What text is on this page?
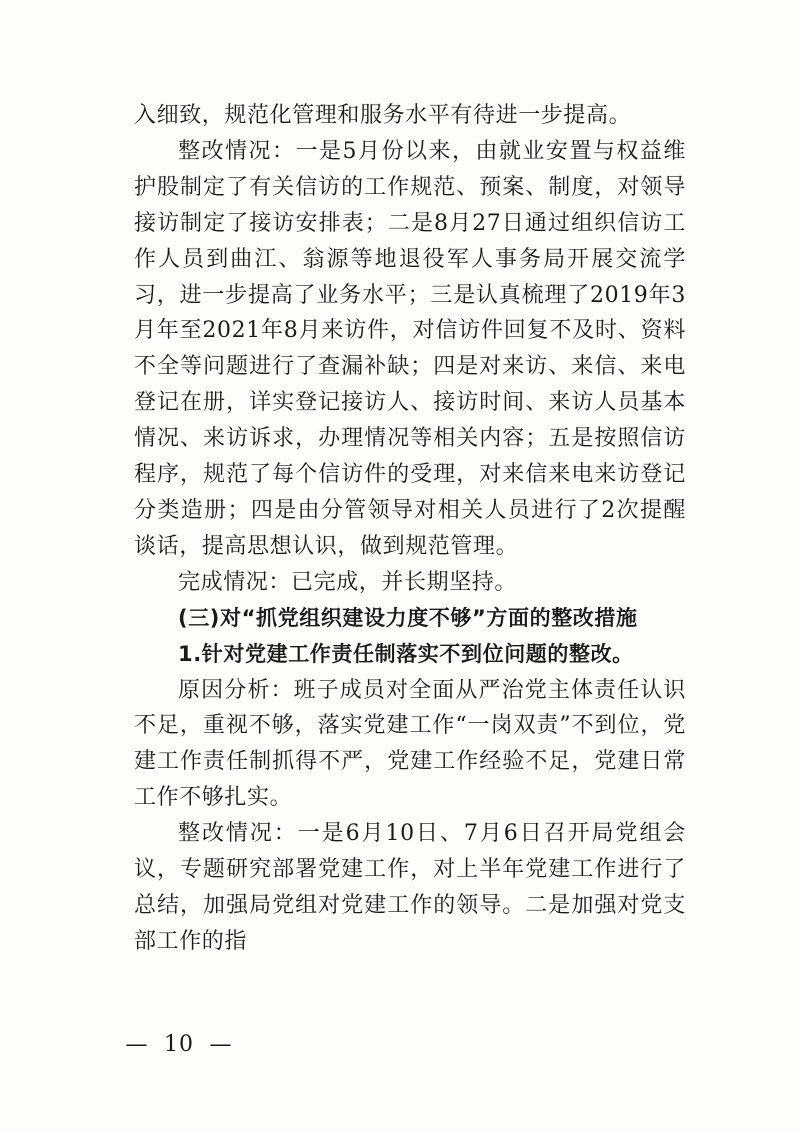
入细致，规范化管理和服务水平有待进一步提高。

整改情况：一是5月份以来，由就业安置与权益维护股制定了有关信访的工作规范、预案、制度，对领导接访制定了接访安排表；二是8月27日通过组织信访工作人员到曲江、翁源等地退役军人事务局开展交流学习，进一步提高了业务水平；三是认真梳理了2019年3月年至2021年8月来访件，对信访件回复不及时、资料不全等问题进行了查漏补缺；四是对来访、来信、来电登记在册，详实登记接访人、接访时间、来访人员基本情况、来访诉求，办理情况等相关内容；五是按照信访程序，规范了每个信访件的受理，对来信来电来访登记分类造册；四是由分管领导对相关人员进行了2次提醒谈话，提高思想认识，做到规范管理。

完成情况：已完成，并长期坚持。

(三)对“抓党组织建设力度不够”方面的整改措施

1.针对党建工作责任制落实不到位问题的整改。

原因分析：班子成员对全面从严治党主体责任认识不足，重视不够，落实党建工作“一岗双责”不到位，党建工作责任制抓得不严，党建工作经验不足，党建日常工作不够扎实。

整改情况：一是6月10日、7月6日召开局党组会议，专题研究部署党建工作，对上半年党建工作进行了总结，加强局党组对党建工作的领导。二是加强对党支部工作的指

— 10 —
